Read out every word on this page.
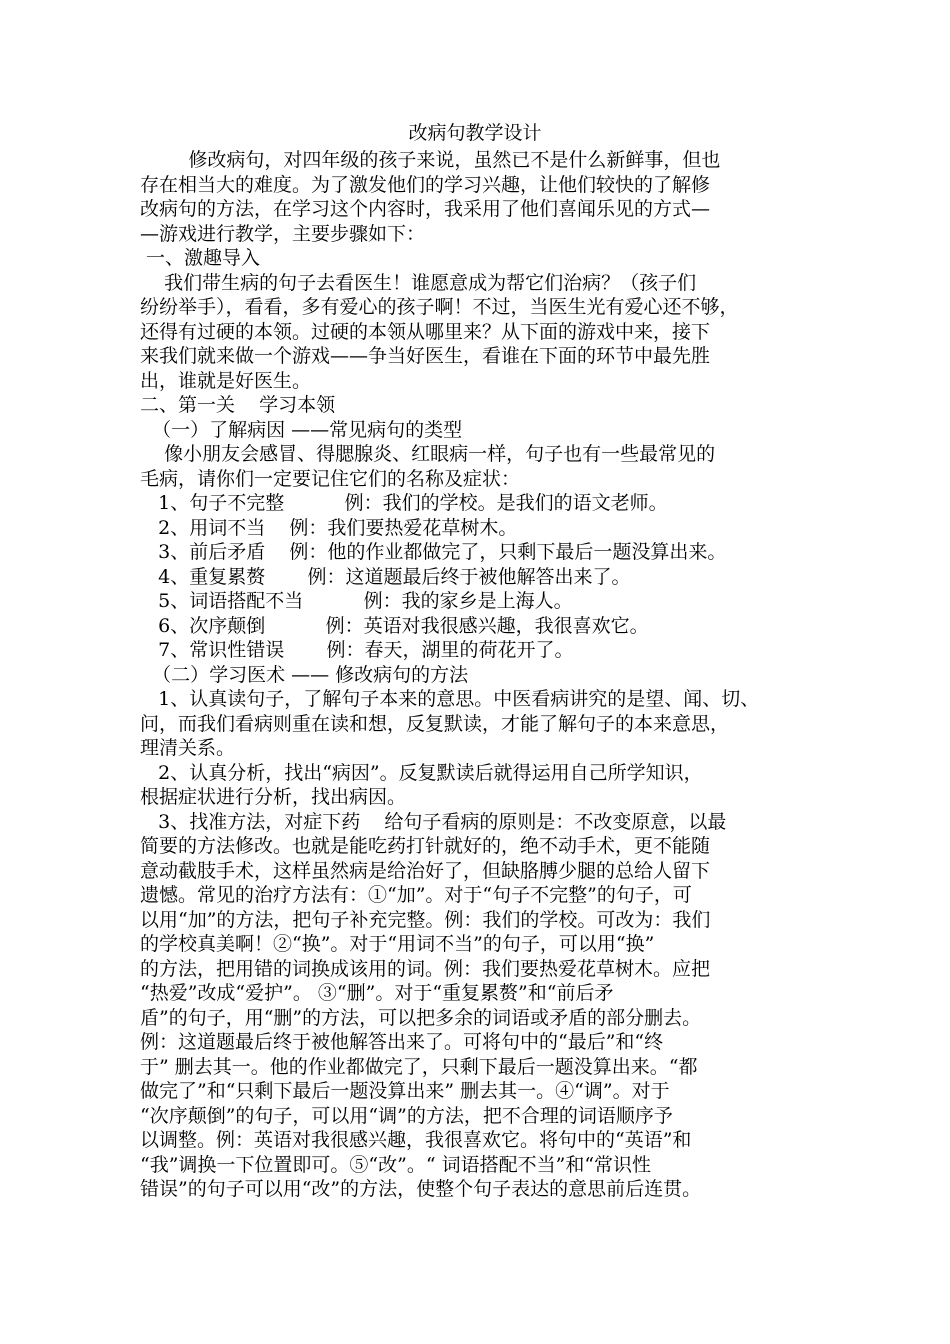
改病句教学设计
修改病句，对四年级的孩子来说，虽然已不是什么新鲜事，但也
存在相当大的难度。为了激发他们的学习兴趣，让他们较快的了解修
改病句的方法，在学习这个内容时，我采用了他们喜闻乐见的方式—
—游戏进行教学，主要步骤如下：
一、激趣导入
我们带生病的句子去看医生！谁愿意成为帮它们治病？（孩子们
纷纷举手），看看，多有爱心的孩子啊！不过，当医生光有爱心还不够，
还得有过硬的本领。过硬的本领从哪里来？从下面的游戏中来，接下
来我们就来做一个游戏——争当好医生，看谁在下面的环节中最先胜
出，谁就是好医生。
二、第一关    学习本领
（一）了解病因 ——常见病句的类型
像小朋友会感冒、得腮腺炎、红眼病一样，句子也有一些最常见的
毛病，请你们一定要记住它们的名称及症状：
1、句子不完整          例：我们的学校。是我们的语文老师。
2、用词不当    例：我们要热爱花草树木。
3、前后矛盾    例：他的作业都做完了，只剩下最后一题没算出来。
4、重复累赘       例：这道题最后终于被他解答出来了。
5、词语搭配不当          例：我的家乡是上海人。
6、次序颠倒          例：英语对我很感兴趣，我很喜欢它。
7、常识性错误       例：春天，湖里的荷花开了。
（二）学习医术 —— 修改病句的方法
1、认真读句子，了解句子本来的意思。中医看病讲究的是望、闻、切、
问，而我们看病则重在读和想，反复默读，才能了解句子的本来意思，
理清关系。
2、认真分析，找出“病因”。反复默读后就得运用自己所学知识，
根据症状进行分析，找出病因。
3、找准方法，对症下药    给句子看病的原则是：不改变原意，以最
简要的方法修改。也就是能吃药打针就好的，绝不动手术，更不能随
意动截肢手术，这样虽然病是给治好了，但缺胳膊少腿的总给人留下
遗憾。常见的治疗方法有：①“加”。对于“句子不完整”的句子，可
以用“加”的方法，把句子补充完整。例：我们的学校。可改为：我们
的学校真美啊！②“换”。对于“用词不当”的句子，可以用“换”
的方法，把用错的词换成该用的词。例：我们要热爱花草树木。应把
“热爱”改成“爱护”。 ③“删”。对于“重复累赘”和“前后矛
盾”的句子，用“删”的方法，可以把多余的词语或矛盾的部分删去。
例：这道题最后终于被他解答出来了。可将句中的“最后”和“终
于” 删去其一。他的作业都做完了，只剩下最后一题没算出来。“都
做完了”和“只剩下最后一题没算出来” 删去其一。④“调”。对于
“次序颠倒”的句子，可以用“调”的方法，把不合理的词语顺序予
以调整。例：英语对我很感兴趣，我很喜欢它。将句中的“英语”和
“我”调换一下位置即可。⑤“改”。“ 词语搭配不当”和“常识性
错误”的句子可以用“改”的方法，使整个句子表达的意思前后连贯。
